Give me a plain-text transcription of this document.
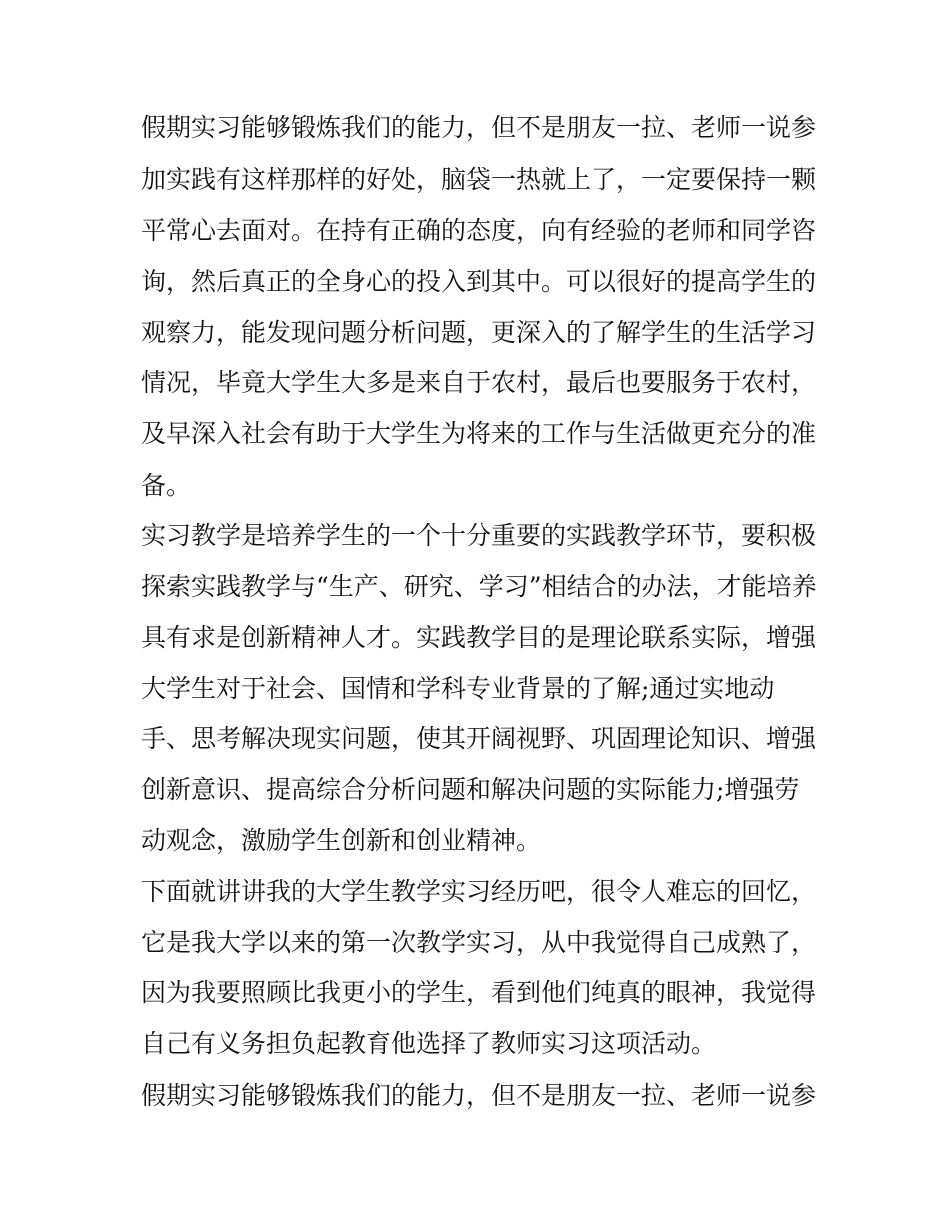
假期实习能够锻炼我们的能力，但不是朋友一拉、老师一说参
加实践有这样那样的好处，脑袋一热就上了，一定要保持一颗
平常心去面对。在持有正确的态度，向有经验的老师和同学咨
询，然后真正的全身心的投入到其中。可以很好的提高学生的
观察力，能发现问题分析问题，更深入的了解学生的生活学习
情况，毕竟大学生大多是来自于农村，最后也要服务于农村，
及早深入社会有助于大学生为将来的工作与生活做更充分的准
备。
实习教学是培养学生的一个十分重要的实践教学环节，要积极
探索实践教学与“生产、研究、学习”相结合的办法，才能培养
具有求是创新精神人才。实践教学目的是理论联系实际，增强
大学生对于社会、国情和学科专业背景的了解;通过实地动
手、思考解决现实问题，使其开阔视野、巩固理论知识、增强
创新意识、提高综合分析问题和解决问题的实际能力;增强劳
动观念，激励学生创新和创业精神。
下面就讲讲我的大学生教学实习经历吧，很令人难忘的回忆，
它是我大学以来的第一次教学实习，从中我觉得自己成熟了，
因为我要照顾比我更小的学生，看到他们纯真的眼神，我觉得
自己有义务担负起教育他选择了教师实习这项活动。
假期实习能够锻炼我们的能力，但不是朋友一拉、老师一说参
